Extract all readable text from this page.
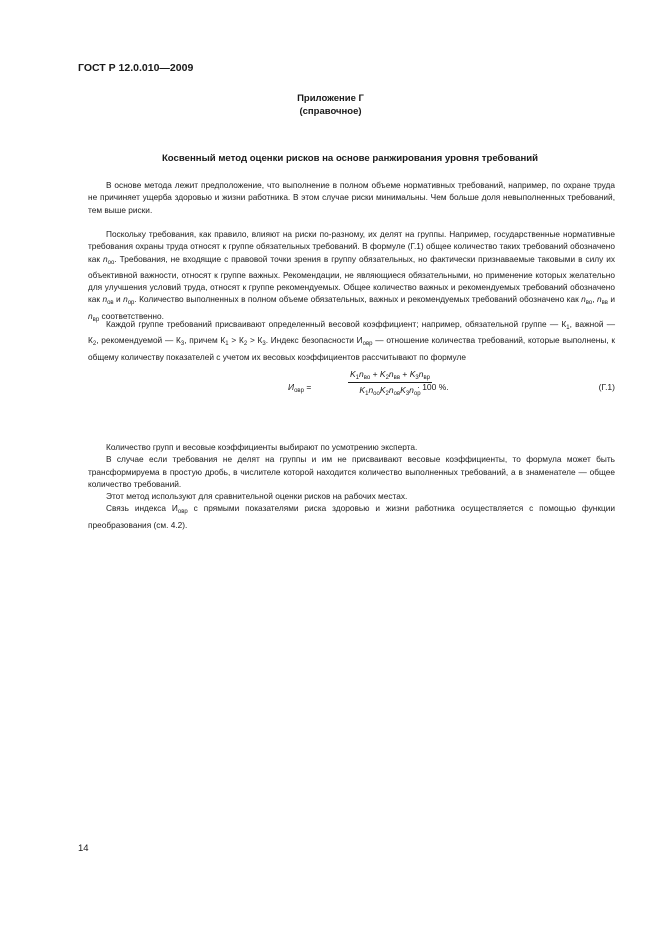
ГОСТ Р 12.0.010—2009
Приложение Г
(справочное)
Косвенный метод оценки рисков на основе ранжирования уровня требований

В основе метода лежит предположение, что выполнение в полном объеме нормативных требований, например, по охране труда не причиняет ущерба здоровью и жизни работника. В этом случае риски минимальны. Чем больше доля невыполненных требований, тем выше риски.

Поскольку требования, как правило, влияют на риски по-разному, их делят на группы. Например, государственные нормативные требования охраны труда относят к группе обязательных требований. В формуле (Г.1) общее количество таких требований обозначено как $n_{оо}$. Требования, не входящие с правовой точки зрения в группу обязательных, но фактически признаваемые таковыми в силу их объективной важности, относят к группе важных. Рекомендации, не являющиеся обязательными, но применение которых желательно для улучшения условий труда, относят к группе рекомендуемых. Общее количество важных и рекомендуемых требований обозначено как $n_{ов}$ и $n_{ор}$. Количество выполненных в полном объеме обязательных, важных и рекомендуемых требований обозначено как $n_{во}$, $n_{вв}$ и $n_{вр}$ соответственно.

Каждой группе требований присваивают определенный весовой коэффициент; например, обязательной группе — $К_1$, важной — $К_2$, рекомендуемой — $К_3$, причем $К_1 > К_2 > К_3$. Индекс безопасности $И_{овр}$ — отношение количества требований, которые выполнены, к общему количеству показателей с учетом их весовых коэффициентов рассчитывают по формуле

$И_{овр}$ =
$K_1n_{во} + K_2n_{вв} + K_3n_{вр}$
$K_1n_{оо}K_2n_{ов}K_3n_{ор}$
· 100 %.	(Г.1)

Количество групп и весовые коэффициенты выбирают по усмотрению эксперта.

В случае если требования не делят на группы и им не присваивают весовые коэффициенты, то формула может быть трансформируема в простую дробь, в числителе которой находится количество выполненных требований, а в знаменателе — общее количество требований.

Этот метод используют для сравнительной оценки рисков на рабочих местах.

Связь индекса $И_{овр}$ с прямыми показателями риска здоровью и жизни работника осуществляется с помощью функции преобразования (см. 4.2).

14
